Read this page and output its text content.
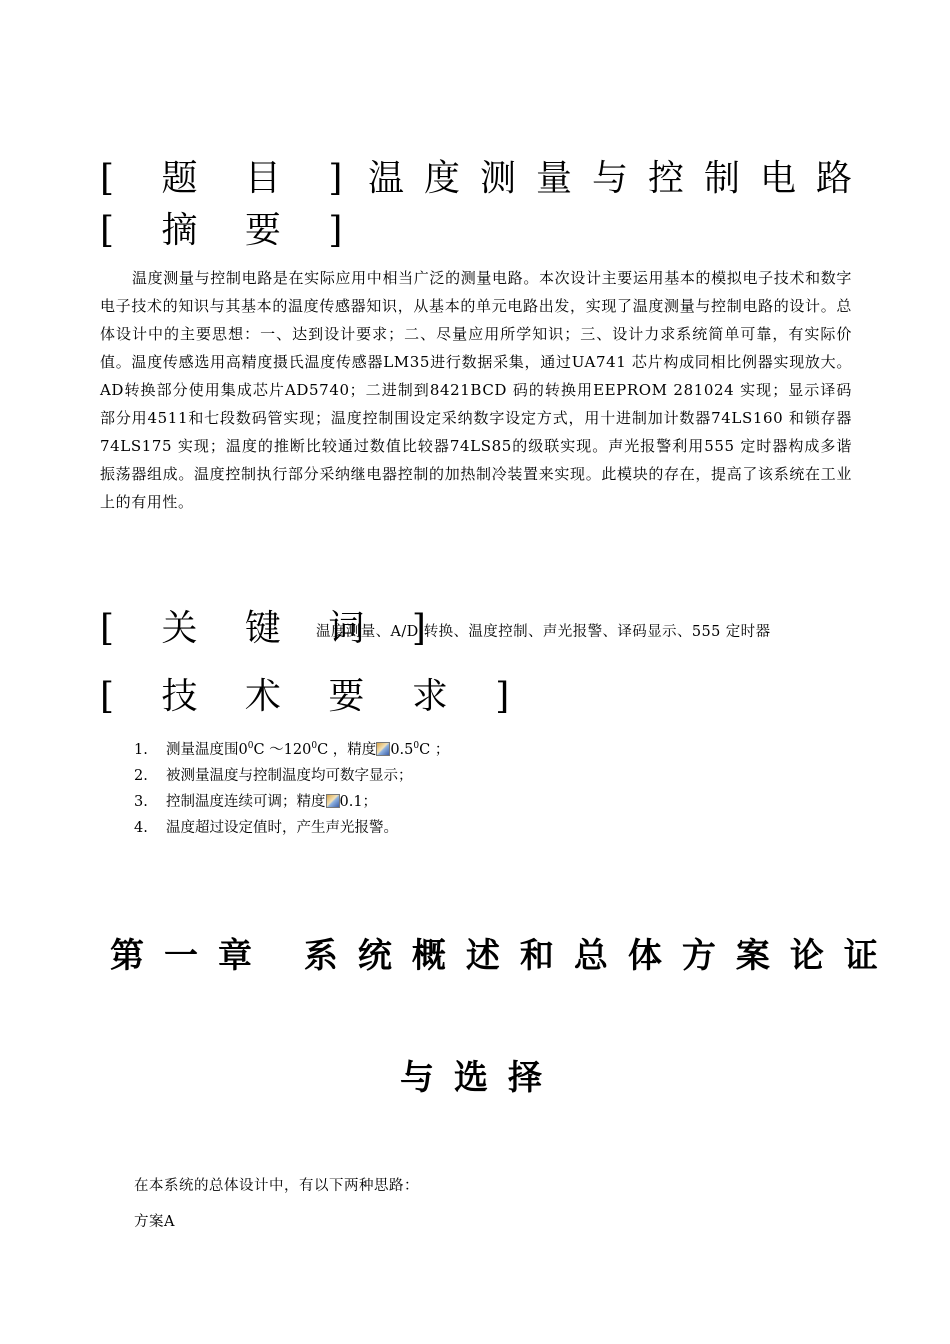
[ 题 目 ] 温度测量与控制电路
[ 摘 要 ]
温度测量与控制电路是在实际应用中相当广泛的测量电路。本次设计主要运用基本的模拟电子技术和数字电子技术的知识与其基本的温度传感器知识，从基本的单元电路出发，实现了温度测量与控制电路的设计。总体设计中的主要思想：一、达到设计要求；二、尽量应用所学知识；三、设计力求系统简单可靠，有实际价值。温度传感选用高精度摄氏温度传感器LM35进行数据采集，通过UA741 芯片构成同相比例器实现放大。AD转换部分使用集成芯片AD5740；二进制到8421BCD 码的转换用EEPROM 281024 实现；显示译码部分用4511和七段数码管实现；温度控制围设定采纳数字设定方式，用十进制加计数器74LS160 和锁存器74LS175 实现；温度的推断比较通过数值比较器74LS85的级联实现。声光报警利用555 定时器构成多谐振荡器组成。温度控制执行部分采纳继电器控制的加热制冷装置来实现。此模块的存在，提高了该系统在工业上的有用性。
[ 关 键 词 ]
温度测量、A/D 转换、温度控制、声光报警、译码显示、555 定时器
[ 技 术 要 求 ]
1. 测量温度围$0^0C$ $\sim 120^0C$ ，精度 $0.5^0C$ ；
2. 被测量温度与控制温度均可数字显示；
3. 控制温度连续可调；精度 0.1；
4. 温度超过设定值时，产生声光报警。
第一章 系统概述和总体方案论证
与选择
在本系统的总体设计中，有以下两种思路：
方案A
